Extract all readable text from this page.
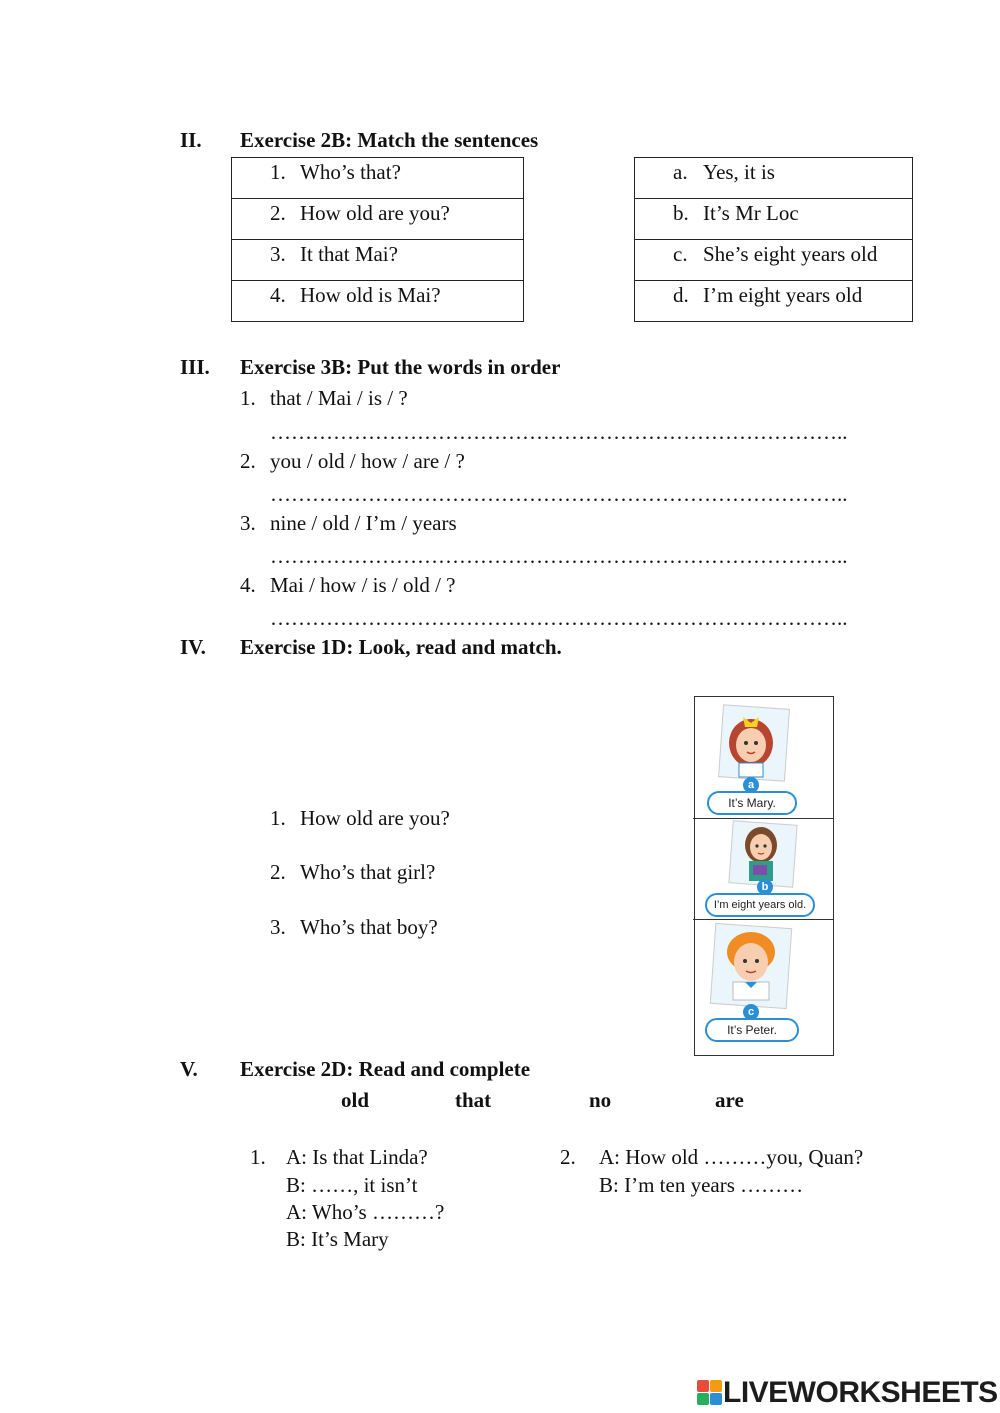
II. Exercise 2B: Match the sentences
1. Who’s that?

2. How old are you?

3. It that Mai?

4. How old is Mai?
a. Yes, it is

b. It’s Mr Loc

c. She’s eight years old

d. I’m eight years old
III. Exercise 3B: Put the words in order
1. that / Mai / is / ?
………………………………………………………………………..
2. you / old / how / are / ?
………………………………………………………………………..
3. nine / old / I’m / years
………………………………………………………………………..
4. Mai / how / is / old / ?
………………………………………………………………………..
IV. Exercise 1D: Look, read and match.
1. How old are you?
2. Who’s that girl?
3. Who’s that boy?
a
It’s Mary.
b
I’m eight years old.
c
It’s Peter.
V. Exercise 2D: Read and complete
old	that	no	are
1. A: Is that Linda?
B: ……, it isn’t
A: Who’s ………?
B: It’s Mary
2. A: How old ………you, Quan?
B: I’m ten years ………
LIVEWORKSHEETS
